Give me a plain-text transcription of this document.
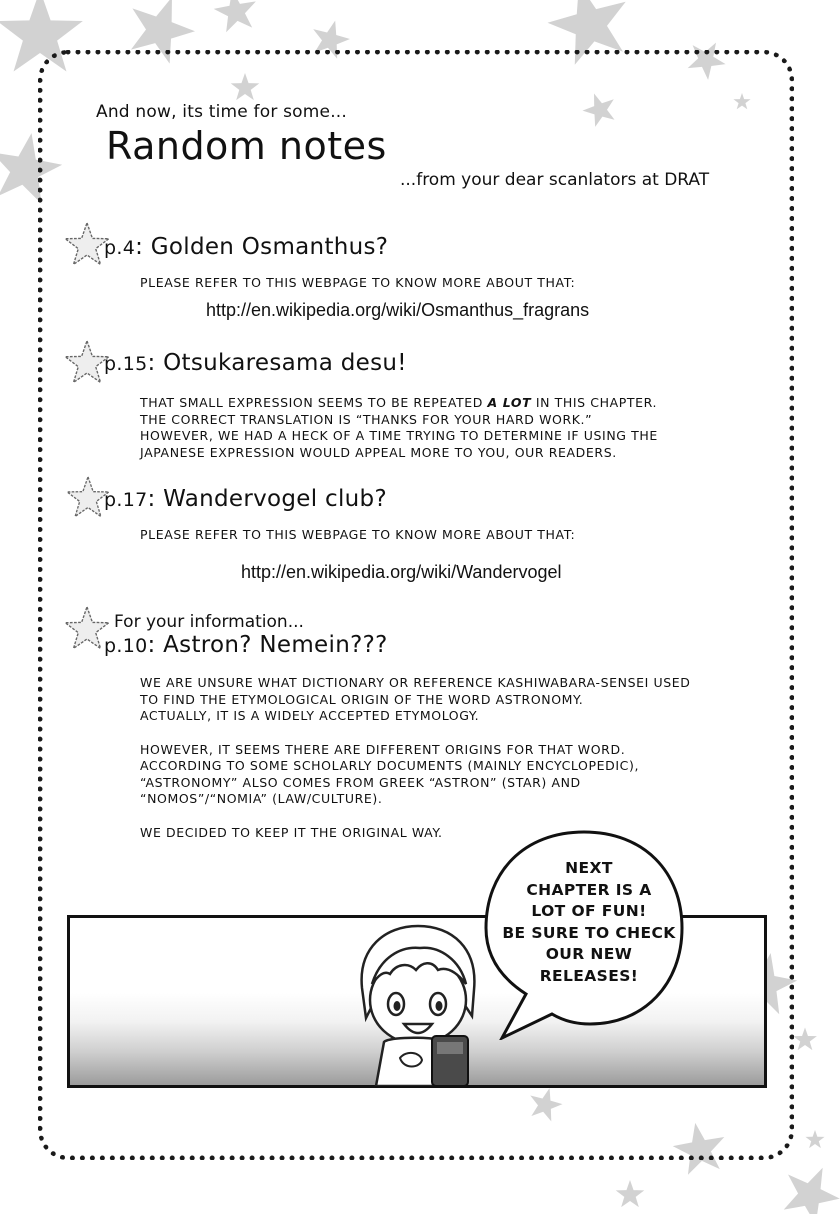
And now, its time for some...
Random notes
...from your dear scanlators at DRAT
p.4: Golden Osmanthus?

PLEASE REFER TO THIS WEBPAGE TO KNOW MORE ABOUT THAT:

http://en.wikipedia.org/wiki/Osmanthus_fragrans
p.15: Otsukaresama desu!

THAT SMALL EXPRESSION SEEMS TO BE REPEATED A LOT IN THIS CHAPTER.

THE CORRECT TRANSLATION IS “THANKS FOR YOUR HARD WORK.”

HOWEVER, WE HAD A HECK OF A TIME TRYING TO DETERMINE IF USING THE

JAPANESE EXPRESSION WOULD APPEAL MORE TO YOU, OUR READERS.

p.17: Wandervogel club?

PLEASE REFER TO THIS WEBPAGE TO KNOW MORE ABOUT THAT:

http://en.wikipedia.org/wiki/Wandervogel
For your information...
p.10: Astron? Nemein???

WE ARE UNSURE WHAT DICTIONARY OR REFERENCE KASHIWABARA-SENSEI USED

TO FIND THE ETYMOLOGICAL ORIGIN OF THE WORD ASTRONOMY.

ACTUALLY, IT IS A WIDELY ACCEPTED ETYMOLOGY.

HOWEVER, IT SEEMS THERE ARE DIFFERENT ORIGINS FOR THAT WORD.

ACCORDING TO SOME SCHOLARLY DOCUMENTS (MAINLY ENCYCLOPEDIC),

“ASTRONOMY” ALSO COMES FROM GREEK “ASTRON” (STAR) AND

“NOMOS”/“NOMIA” (LAW/CULTURE).

WE DECIDED TO KEEP IT THE ORIGINAL WAY.

NEXT

CHAPTER IS A

LOT OF FUN!

BE SURE TO CHECK

OUR NEW

RELEASES!
